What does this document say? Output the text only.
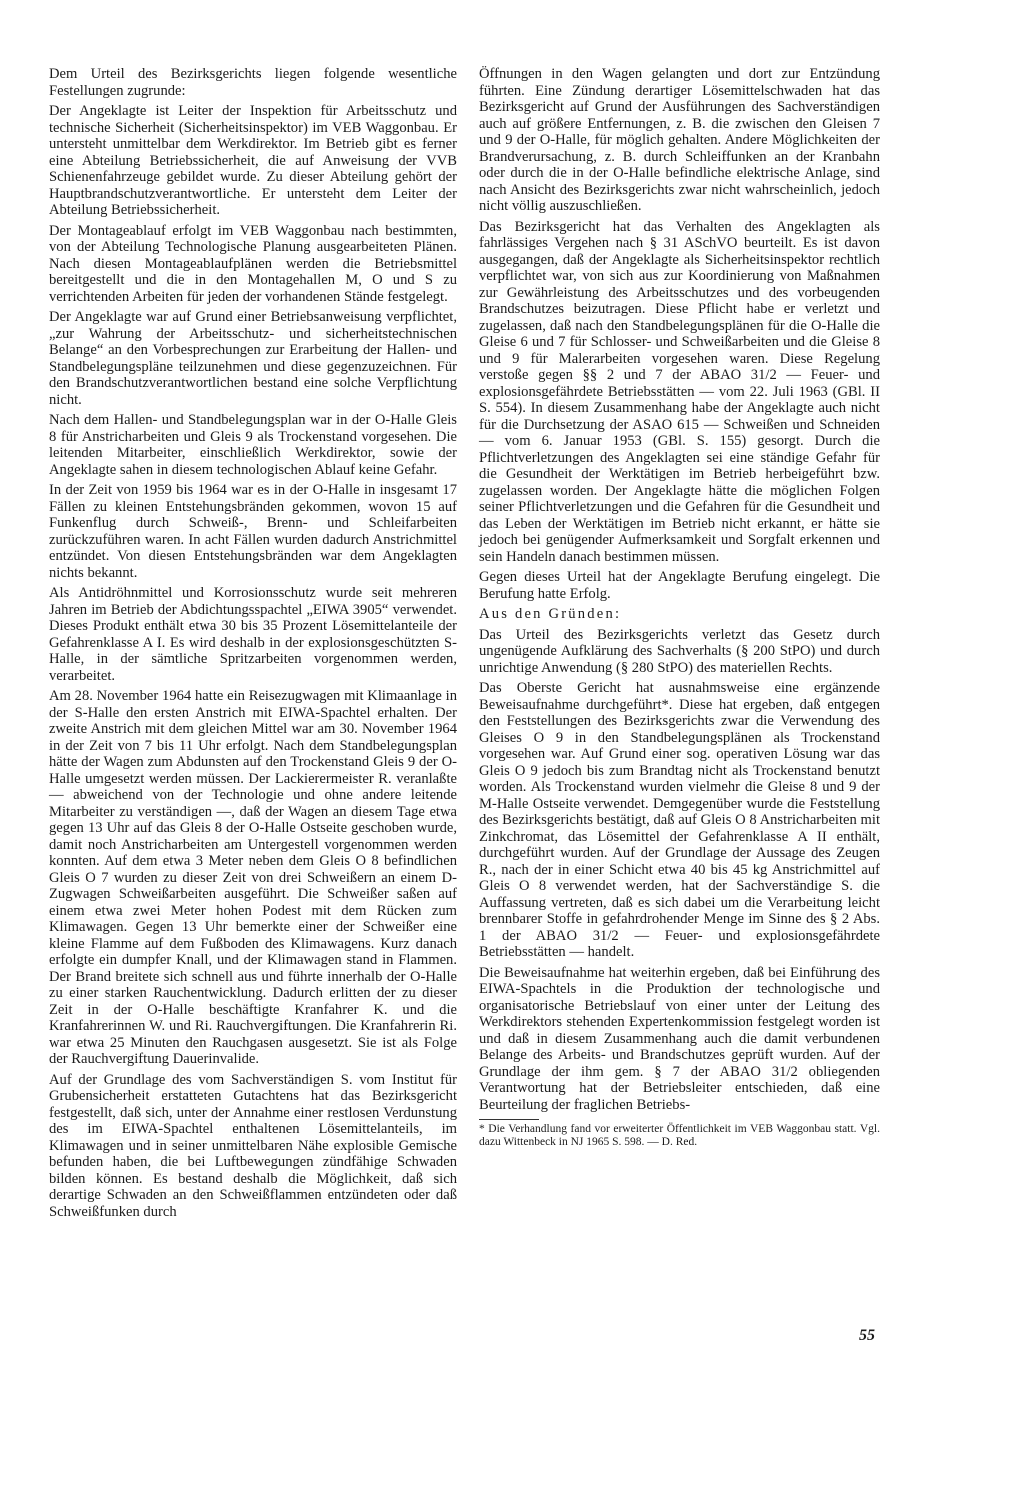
Dem Urteil des Bezirksgerichts liegen folgende wesentliche Festellungen zugrunde:

Der Angeklagte ist Leiter der Inspektion für Arbeitsschutz und technische Sicherheit (Sicherheitsinspektor) im VEB Waggonbau. Er untersteht unmittelbar dem Werkdirektor. Im Betrieb gibt es ferner eine Abteilung Betriebssicherheit, die auf Anweisung der VVB Schienenfahrzeuge gebildet wurde. Zu dieser Abteilung gehört der Hauptbrandschutzverantwortliche. Er untersteht dem Leiter der Abteilung Betriebssicherheit.

Der Montageablauf erfolgt im VEB Waggonbau nach bestimmten, von der Abteilung Technologische Planung ausgearbeiteten Plänen. Nach diesen Montageablaufplänen werden die Betriebsmittel bereitgestellt und die in den Montagehallen M, O und S zu verrichtenden Arbeiten für jeden der vorhandenen Stände festgelegt.

Der Angeklagte war auf Grund einer Betriebsanweisung verpflichtet, „zur Wahrung der Arbeitsschutz- und sicherheitstechnischen Belange“ an den Vorbesprechungen zur Erarbeitung der Hallen- und Standbelegungspläne teilzunehmen und diese gegenzuzeichnen. Für den Brandschutzverantwortlichen bestand eine solche Verpflichtung nicht.

Nach dem Hallen- und Standbelegungsplan war in der O-Halle Gleis 8 für Anstricharbeiten und Gleis 9 als Trockenstand vorgesehen. Die leitenden Mitarbeiter, einschließlich Werkdirektor, sowie der Angeklagte sahen in diesem technologischen Ablauf keine Gefahr.

In der Zeit von 1959 bis 1964 war es in der O-Halle in insgesamt 17 Fällen zu kleinen Entstehungsbränden gekommen, wovon 15 auf Funkenflug durch Schweiß-, Brenn- und Schleifarbeiten zurückzuführen waren. In acht Fällen wurden dadurch Anstrichmittel entzündet. Von diesen Entstehungsbränden war dem Angeklagten nichts bekannt.

Als Antidröhnmittel und Korrosionsschutz wurde seit mehreren Jahren im Betrieb der Abdichtungsspachtel „EIWA 3905“ verwendet. Dieses Produkt enthält etwa 30 bis 35 Prozent Lösemittelanteile der Gefahrenklasse A I. Es wird deshalb in der explosionsgeschützten S-Halle, in der sämtliche Spritzarbeiten vorgenommen werden, verarbeitet.

Am 28. November 1964 hatte ein Reisezugwagen mit Klimaanlage in der S-Halle den ersten Anstrich mit EIWA-Spachtel erhalten. Der zweite Anstrich mit dem gleichen Mittel war am 30. November 1964 in der Zeit von 7 bis 11 Uhr erfolgt. Nach dem Standbelegungsplan hätte der Wagen zum Abdunsten auf den Trockenstand Gleis 9 der O-Halle umgesetzt werden müssen. Der Lackierermeister R. veranlaßte — abweichend von der Technologie und ohne andere leitende Mitarbeiter zu verständigen —, daß der Wagen an diesem Tage etwa gegen 13 Uhr auf das Gleis 8 der O-Halle Ostseite geschoben wurde, damit noch Anstricharbeiten am Untergestell vorgenommen werden konnten. Auf dem etwa 3 Meter neben dem Gleis O 8 befindlichen Gleis O 7 wurden zu dieser Zeit von drei Schweißern an einem D-Zugwagen Schweißarbeiten ausgeführt. Die Schweißer saßen auf einem etwa zwei Meter hohen Podest mit dem Rücken zum Klimawagen. Gegen 13 Uhr bemerkte einer der Schweißer eine kleine Flamme auf dem Fußboden des Klimawagens. Kurz danach erfolgte ein dumpfer Knall, und der Klimawagen stand in Flammen. Der Brand breitete sich schnell aus und führte innerhalb der O-Halle zu einer starken Rauchentwicklung. Dadurch erlitten der zu dieser Zeit in der O-Halle beschäftigte Kranfahrer K. und die Kranfahrerinnen W. und Ri. Rauchvergiftungen. Die Kranfahrerin Ri. war etwa 25 Minuten den Rauchgasen ausgesetzt. Sie ist als Folge der Rauchvergiftung Dauerinvalide.

Auf der Grundlage des vom Sachverständigen S. vom Institut für Grubensicherheit erstatteten Gutachtens hat das Bezirksgericht festgestellt, daß sich, unter der Annahme einer restlosen Verdunstung des im EIWA-Spachtel enthaltenen Lösemittelanteils, im Klimawagen und in seiner unmittelbaren Nähe explosible Gemische befunden haben, die bei Luftbewegungen zündfähige Schwaden bilden können. Es bestand deshalb die Möglichkeit, daß sich derartige Schwaden an den Schweißflammen entzündeten oder daß Schweißfunken durch

Öffnungen in den Wagen gelangten und dort zur Entzündung führten. Eine Zündung derartiger Lösemittelschwaden hat das Bezirksgericht auf Grund der Ausführungen des Sachverständigen auch auf größere Entfernungen, z. B. die zwischen den Gleisen 7 und 9 der O-Halle, für möglich gehalten. Andere Möglichkeiten der Brandverursachung, z. B. durch Schleiffunken an der Kranbahn oder durch die in der O-Halle befindliche elektrische Anlage, sind nach Ansicht des Bezirksgerichts zwar nicht wahrscheinlich, jedoch nicht völlig auszuschließen.

Das Bezirksgericht hat das Verhalten des Angeklagten als fahrlässiges Vergehen nach § 31 ASchVO beurteilt. Es ist davon ausgegangen, daß der Angeklagte als Sicherheitsinspektor rechtlich verpflichtet war, von sich aus zur Koordinierung von Maßnahmen zur Gewährleistung des Arbeitsschutzes und des vorbeugenden Brandschutzes beizutragen. Diese Pflicht habe er verletzt und zugelassen, daß nach den Standbelegungsplänen für die O-Halle die Gleise 6 und 7 für Schlosser- und Schweißarbeiten und die Gleise 8 und 9 für Malerarbeiten vorgesehen waren. Diese Regelung verstoße gegen §§ 2 und 7 der ABAO 31/2 — Feuer- und explosionsgefährdete Betriebsstätten — vom 22. Juli 1963 (GBl. II S. 554). In diesem Zusammenhang habe der Angeklagte auch nicht für die Durchsetzung der ASAO 615 — Schweißen und Schneiden — vom 6. Januar 1953 (GBl. S. 155) gesorgt. Durch die Pflichtverletzungen des Angeklagten sei eine ständige Gefahr für die Gesundheit der Werktätigen im Betrieb herbeigeführt bzw. zugelassen worden. Der Angeklagte hätte die möglichen Folgen seiner Pflichtverletzungen und die Gefahren für die Gesundheit und das Leben der Werktätigen im Betrieb nicht erkannt, er hätte sie jedoch bei genügender Aufmerksamkeit und Sorgfalt erkennen und sein Handeln danach bestimmen müssen.

Gegen dieses Urteil hat der Angeklagte Berufung eingelegt. Die Berufung hatte Erfolg.

Aus den Gründen:

Das Urteil des Bezirksgerichts verletzt das Gesetz durch ungenügende Aufklärung des Sachverhalts (§ 200 StPO) und durch unrichtige Anwendung (§ 280 StPO) des materiellen Rechts.

Das Oberste Gericht hat ausnahmsweise eine ergänzende Beweisaufnahme durchgeführt*. Diese hat ergeben, daß entgegen den Feststellungen des Bezirksgerichts zwar die Verwendung des Gleises O 9 in den Standbelegungsplänen als Trockenstand vorgesehen war. Auf Grund einer sog. operativen Lösung war das Gleis O 9 jedoch bis zum Brandtag nicht als Trockenstand benutzt worden. Als Trockenstand wurden vielmehr die Gleise 8 und 9 der M-Halle Ostseite verwendet. Demgegenüber wurde die Feststellung des Bezirksgerichts bestätigt, daß auf Gleis O 8 Anstricharbeiten mit Zinkchromat, das Lösemittel der Gefahrenklasse A II enthält, durchgeführt wurden. Auf der Grundlage der Aussage des Zeugen R., nach der in einer Schicht etwa 40 bis 45 kg Anstrichmittel auf Gleis O 8 verwendet werden, hat der Sachverständige S. die Auffassung vertreten, daß es sich dabei um die Verarbeitung leicht brennbarer Stoffe in gefahrdrohender Menge im Sinne des § 2 Abs. 1 der ABAO 31/2 — Feuer- und explosionsgefährdete Betriebsstätten — handelt.

Die Beweisaufnahme hat weiterhin ergeben, daß bei Einführung des EIWA-Spachtels in die Produktion der technologische und organisatorische Betriebslauf von einer unter der Leitung des Werkdirektors stehenden Expertenkommission festgelegt worden ist und daß in diesem Zusammenhang auch die damit verbundenen Belange des Arbeits- und Brandschutzes geprüft wurden. Auf der Grundlage der ihm gem. § 7 der ABAO 31/2 obliegenden Verantwortung hat der Betriebsleiter entschieden, daß eine Beurteilung der fraglichen Betriebs-

* Die Verhandlung fand vor erweiterter Öffentlichkeit im VEB Waggonbau statt. Vgl. dazu Wittenbeck in NJ 1965 S. 598. — D. Red.

55
